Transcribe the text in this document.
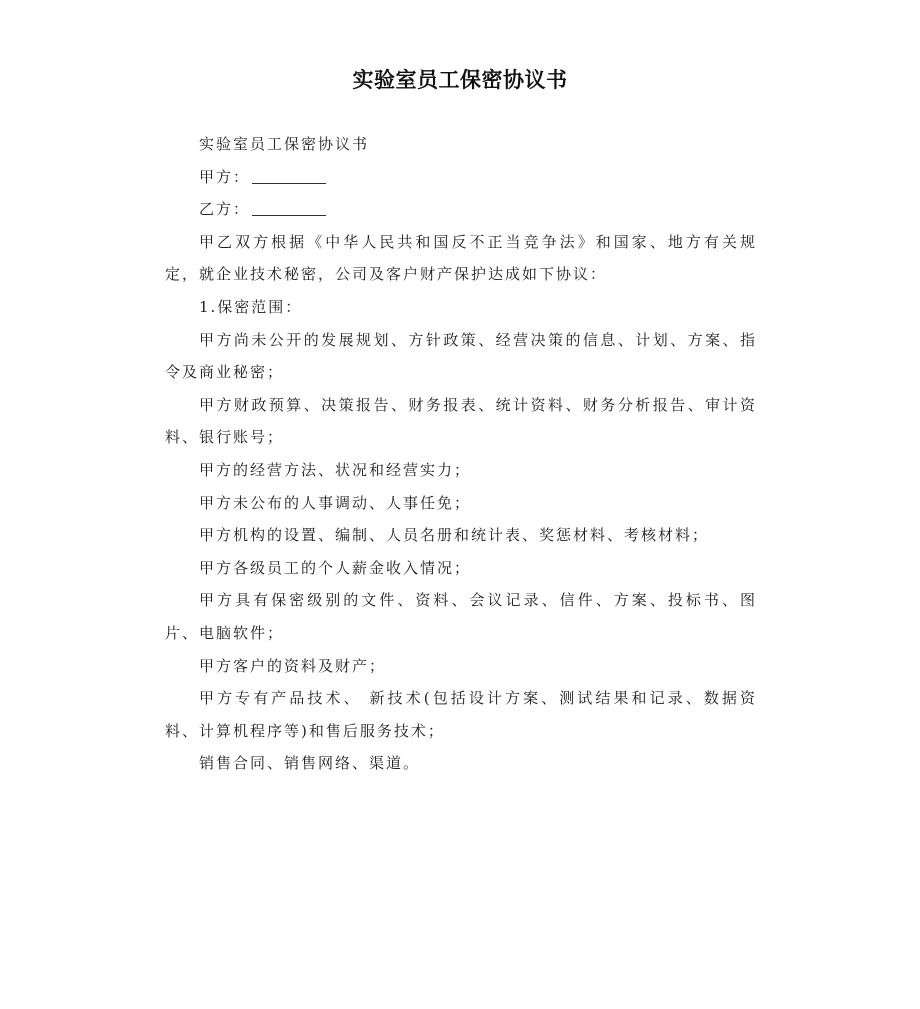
实验室员工保密协议书

实验室员工保密协议书

甲方：

乙方：

甲乙双方根据《中华人民共和国反不正当竞争法》和国家、地方有关规定，就企业技术秘密，公司及客户财产保护达成如下协议：

1.保密范围：

甲方尚未公开的发展规划、方针政策、经营决策的信息、计划、方案、指令及商业秘密；

甲方财政预算、决策报告、财务报表、统计资料、财务分析报告、审计资料、银行账号；

甲方的经营方法、状况和经营实力；

甲方未公布的人事调动、人事任免；

甲方机构的设置、编制、人员名册和统计表、奖惩材料、考核材料；

甲方各级员工的个人薪金收入情况；

甲方具有保密级别的文件、资料、会议记录、信件、方案、投标书、图片、电脑软件；

甲方客户的资料及财产；

甲方专有产品技术、 新技术(包括设计方案、测试结果和记录、数据资料、计算机程序等)和售后服务技术；

销售合同、销售网络、渠道。
